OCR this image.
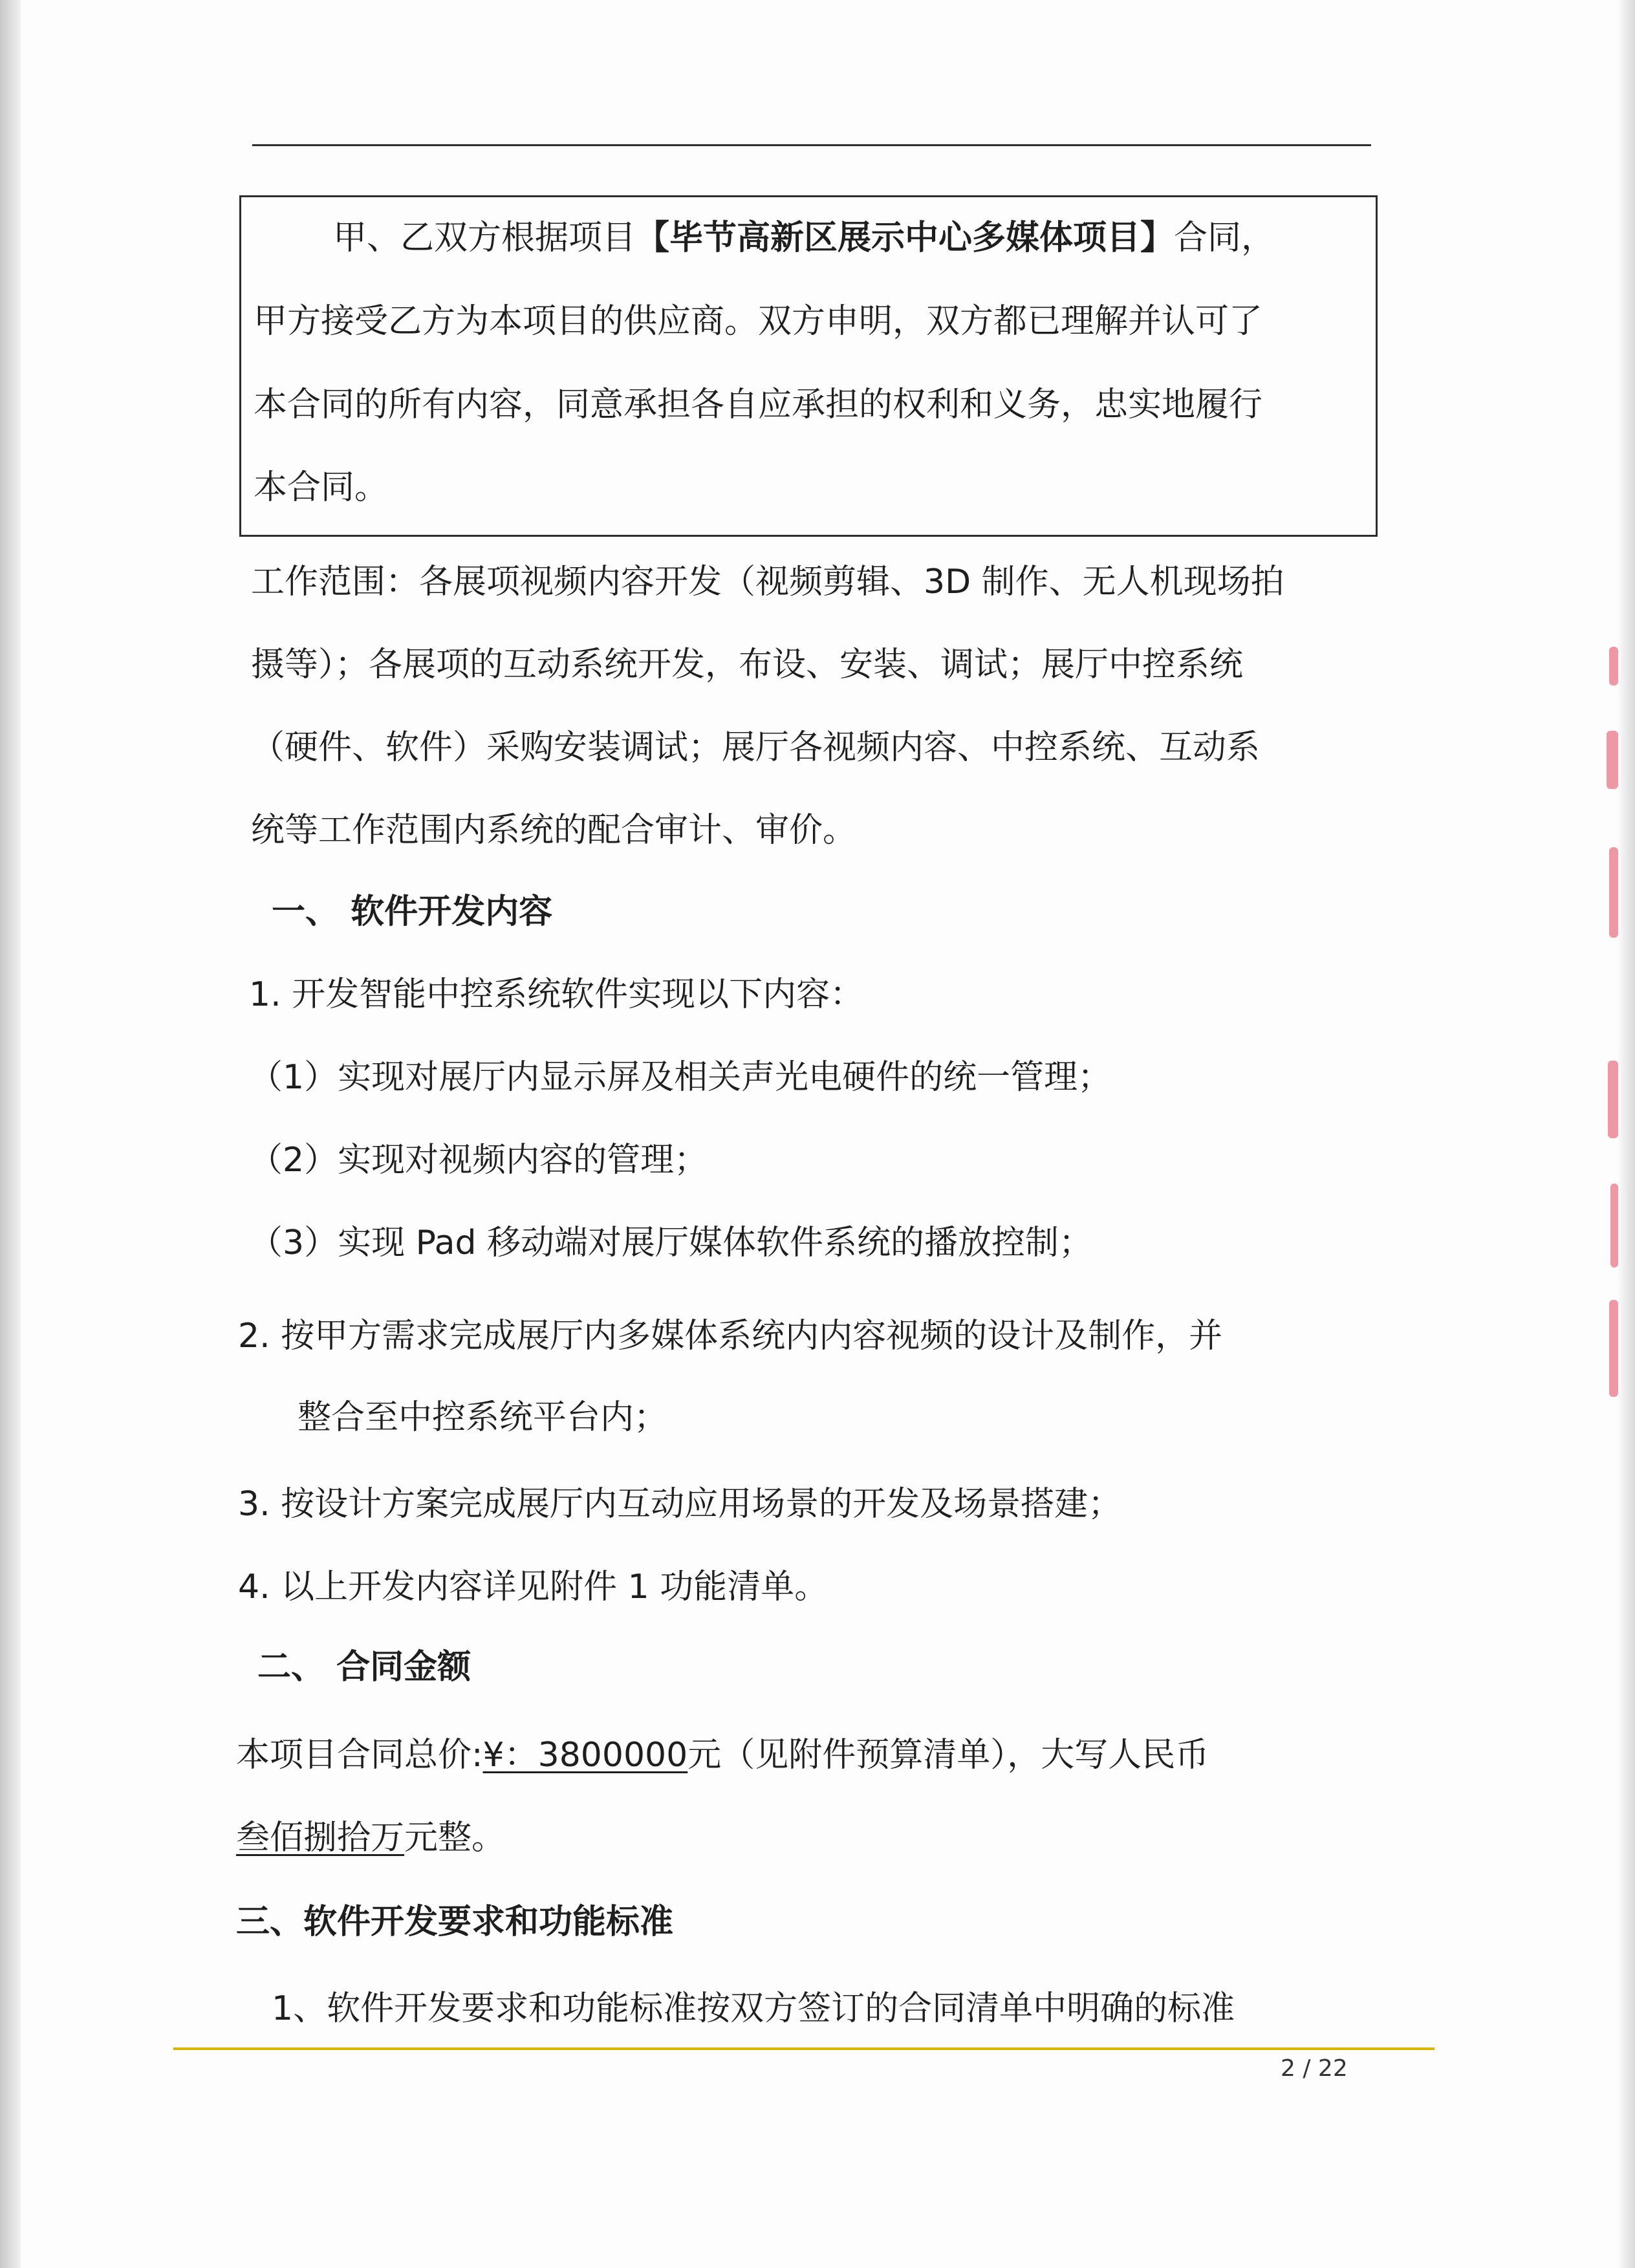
甲、乙双方根据项目【毕节高新区展示中心多媒体项目】合同，
甲方接受乙方为本项目的供应商。双方申明，双方都已理解并认可了
本合同的所有内容，同意承担各自应承担的权利和义务，忠实地履行
本合同。
工作范围：各展项视频内容开发（视频剪辑、3D 制作、无人机现场拍
摄等）；各展项的互动系统开发，布设、安装、调试；展厅中控系统
（硬件、软件）采购安装调试；展厅各视频内容、中控系统、互动系
统等工作范围内系统的配合审计、审价。
一、 软件开发内容
1. 开发智能中控系统软件实现以下内容：
（1）实现对展厅内显示屏及相关声光电硬件的统一管理；
（2）实现对视频内容的管理；
（3）实现 Pad 移动端对展厅媒体软件系统的播放控制；
2. 按甲方需求完成展厅内多媒体系统内内容视频的设计及制作，并
整合至中控系统平台内；
3. 按设计方案完成展厅内互动应用场景的开发及场景搭建；
4. 以上开发内容详见附件 1 功能清单。
二、 合同金额
本项目合同总价:¥：3800000元（见附件预算清单），大写人民币
叁佰捌拾万元整。
三、软件开发要求和功能标准
1、软件开发要求和功能标准按双方签订的合同清单中明确的标准
2 / 22
